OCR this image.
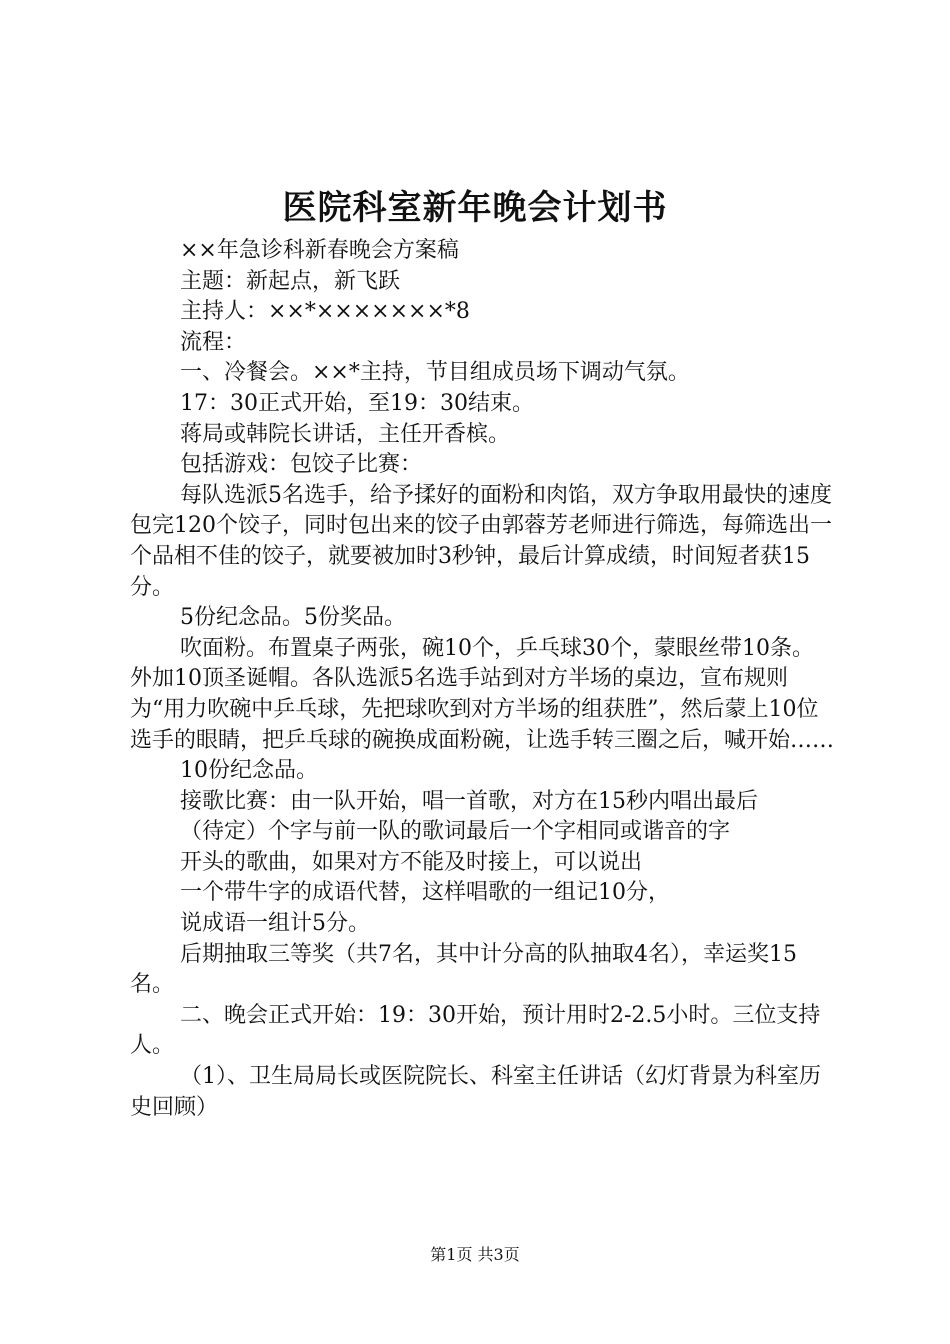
医院科室新年晚会计划书

××年急诊科新春晚会方案稿

主题：新起点，新飞跃

主持人：××*×××××××*8

流程：

一、冷餐会。××*主持，节目组成员场下调动气氛。

17：30正式开始，至19：30结束。

蒋局或韩院长讲话，主任开香槟。

包括游戏：包饺子比赛：

每队选派5名选手，给予揉好的面粉和肉馅，双方争取用最快的速度包完120个饺子，同时包出来的饺子由郭蓉芳老师进行筛选，每筛选出一个品相不佳的饺子，就要被加时3秒钟，最后计算成绩，时间短者获15分。

5份纪念品。5份奖品。

吹面粉。布置桌子两张，碗10个，乒乓球30个，蒙眼丝带10条。外加10顶圣诞帽。各队选派5名选手站到对方半场的桌边，宣布规则为“用力吹碗中乒乓球，先把球吹到对方半场的组获胜”，然后蒙上10位选手的眼睛，把乒乓球的碗换成面粉碗，让选手转三圈之后，喊开始……

10份纪念品。

接歌比赛：由一队开始，唱一首歌，对方在15秒内唱出最后

（待定）个字与前一队的歌词最后一个字相同或谐音的字

开头的歌曲，如果对方不能及时接上，可以说出

一个带牛字的成语代替，这样唱歌的一组记10分，

说成语一组计5分。

后期抽取三等奖（共7名，其中计分高的队抽取4名），幸运奖15名。

二、晚会正式开始：19：30开始，预计用时2-2.5小时。三位支持人。

（1）、卫生局局长或医院院长、科室主任讲话（幻灯背景为科室历史回顾）

第1页 共3页
